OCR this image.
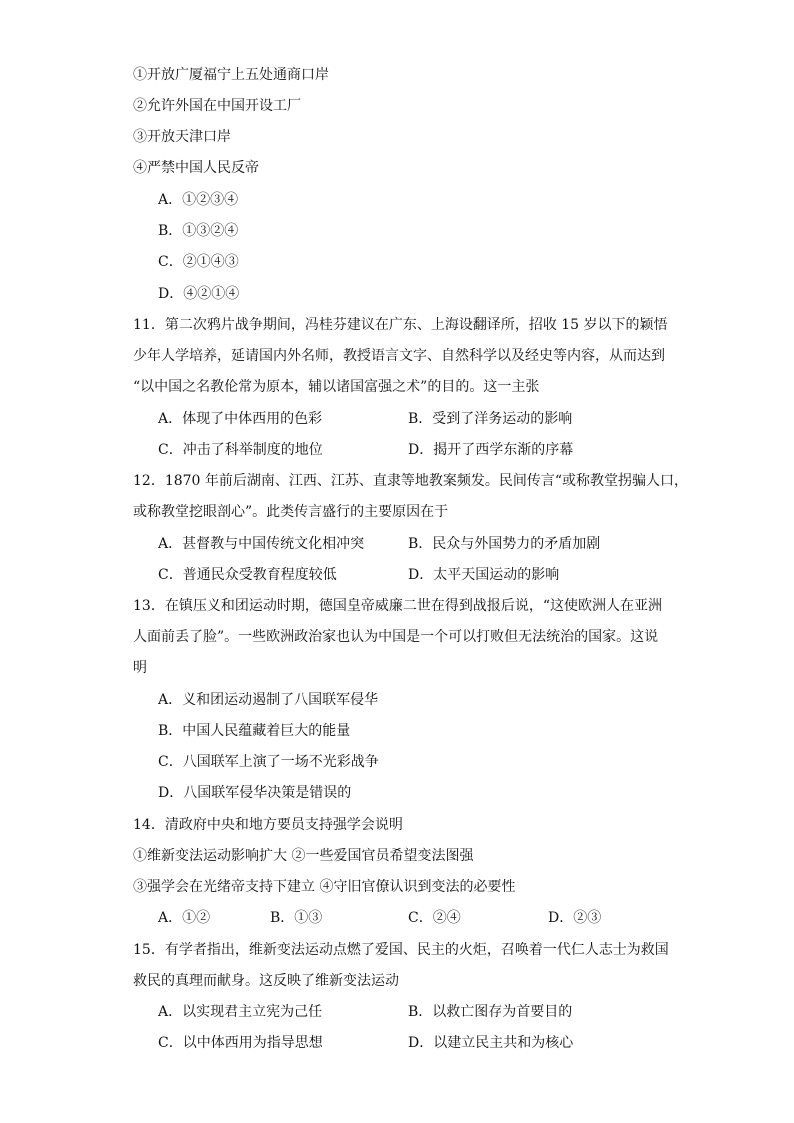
①开放广厦福宁上五处通商口岸
②允许外国在中国开设工厂
③开放天津口岸
④严禁中国人民反帝
A．①②③④
B．①③②④
C．②①④③
D．④②①④
11．第二次鸦片战争期间，冯桂芬建议在广东、上海设翻译所，招收 15 岁以下的颖悟
少年人学培养，延请国内外名师，教授语言文字、自然科学以及经史等内容，从而达到
“以中国之名教伦常为原本，辅以诸国富强之术”的目的。这一主张
A．体现了中体西用的色彩	B．受到了洋务运动的影响
C．冲击了科举制度的地位	D．揭开了西学东渐的序幕
12．1870 年前后湖南、江西、江苏、直隶等地教案频发。民间传言“或称教堂拐骗人口，
或称教堂挖眼剖心”。此类传言盛行的主要原因在于
A．甚督教与中国传统文化相冲突	B．民众与外国势力的矛盾加剧
C．普通民众受教育程度较低	D．太平天国运动的影响
13．在镇压义和团运动时期，德国皇帝威廉二世在得到战报后说，“这使欧洲人在亚洲
人面前丢了脸”。一些欧洲政治家也认为中国是一个可以打败但无法统治的国家。这说
明
A．义和团运动遏制了八国联军侵华
B．中国人民蕴藏着巨大的能量
C．八国联军上演了一场不光彩战争
D．八国联军侵华决策是错误的
14．清政府中央和地方要员支持强学会说明
①维新变法运动影响扩大 ②一些爱国官员希望变法图强
③强学会在光绪帝支持下建立 ④守旧官僚认识到变法的必要性
A．①②	B．①③	C．②④	D．②③
15．有学者指出，维新变法运动点燃了爱国、民主的火炬，召唤着一代仁人志士为救国
救民的真理而献身。这反映了维新变法运动
A．以实现君主立宪为己任	B．以救亡图存为首要目的
C．以中体西用为指导思想	D．以建立民主共和为核心
